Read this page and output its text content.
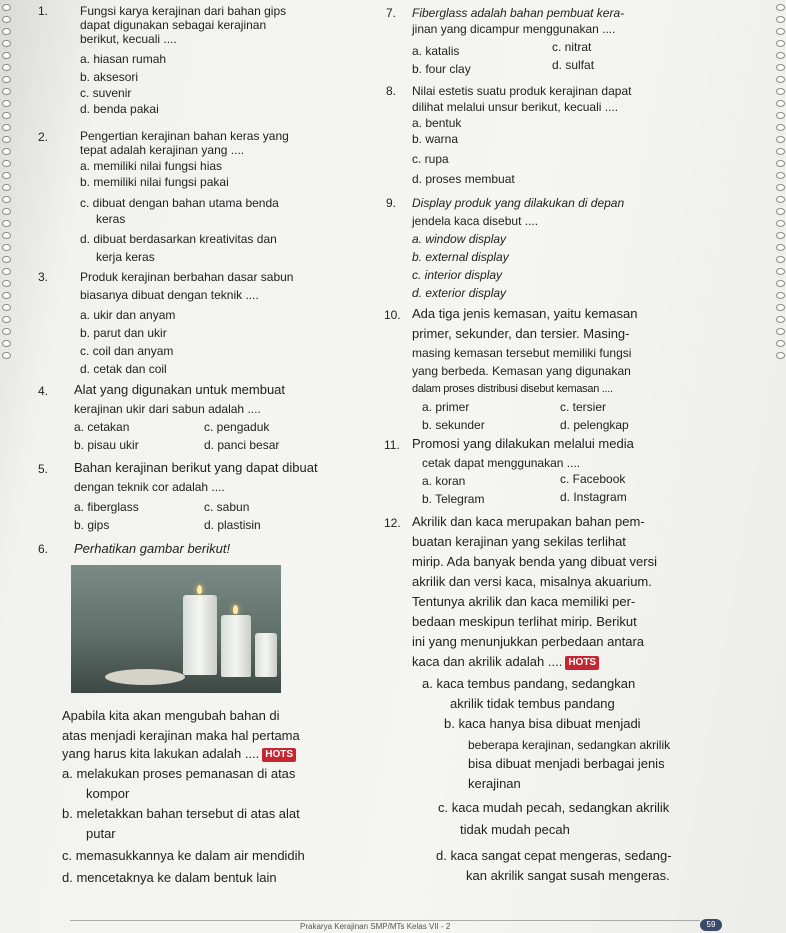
1.	Fungsi karya kerajinan dari bahan gips
dapat digunakan sebagai kerajinan
berikut, kecuali ....
a. hiasan rumah
b. aksesori
c. suvenir
d. benda pakai
2.	Pengertian kerajinan bahan keras yang
tepat adalah kerajinan yang ....
a. memiliki nilai fungsi hias
b. memiliki nilai fungsi pakai
c. dibuat dengan bahan utama benda
keras
d. dibuat berdasarkan kreativitas dan
kerja keras
3.	Produk kerajinan berbahan dasar sabun
biasanya dibuat dengan teknik ....
a. ukir dan anyam
b. parut dan ukir
c. coil dan anyam
d. cetak dan coil
4. Alat yang digunakan untuk membuat
kerajinan ukir dari sabun adalah ....
a. cetakan	c. pengaduk
b. pisau ukir	d. panci besar
5. Bahan kerajinan berikut yang dapat dibuat
dengan teknik cor adalah ....
a. fiberglass	c. sabun
b. gips	d. plastisin
6. Perhatikan gambar berikut!
Apabila kita akan mengubah bahan di
atas menjadi kerajinan maka hal pertama
yang harus kita lakukan adalah .... HOTS
a. melakukan proses pemanasan di atas
kompor
b. meletakkan bahan tersebut di atas alat
putar
c. memasukkannya ke dalam air mendidih
d. mencetaknya ke dalam bentuk lain
7. Fiberglass adalah bahan pembuat kera-
jinan yang dicampur menggunakan ....
a. katalis	c. nitrat
b. four clay	d. sulfat
8. Nilai estetis suatu produk kerajinan dapat
dilihat melalui unsur berikut, kecuali ....
a. bentuk
b. warna
c. rupa
d. proses membuat
9. Display produk yang dilakukan di depan
jendela kaca disebut ....
a. window display
b. external display
c. interior display
d. exterior display
10. Ada tiga jenis kemasan, yaitu kemasan
primer, sekunder, dan tersier. Masing-
masing kemasan tersebut memiliki fungsi
yang berbeda. Kemasan yang digunakan
dalam proses distribusi disebut kemasan ....
a. primer	c. tersier
b. sekunder	d. pelengkap
11. Promosi yang dilakukan melalui media
cetak dapat menggunakan ....
a. koran	c. Facebook
b. Telegram	d. Instagram
12. Akrilik dan kaca merupakan bahan pem-
buatan kerajinan yang sekilas terlihat
mirip. Ada banyak benda yang dibuat versi
akrilik dan versi kaca, misalnya akuarium.
Tentunya akrilik dan kaca memiliki per-
bedaan meskipun terlihat mirip. Berikut
ini yang menunjukkan perbedaan antara
kaca dan akrilik adalah .... HOTS
a. kaca tembus pandang, sedangkan
akrilik tidak tembus pandang
b. kaca hanya bisa dibuat menjadi
beberapa kerajinan, sedangkan akrilik
bisa dibuat menjadi berbagai jenis
kerajinan
c. kaca mudah pecah, sedangkan akrilik
tidak mudah pecah
d. kaca sangat cepat mengeras, sedang-
kan akrilik sangat susah mengeras.
Prakarya Kerajinan SMP/MTs Kelas VII - 2	59
